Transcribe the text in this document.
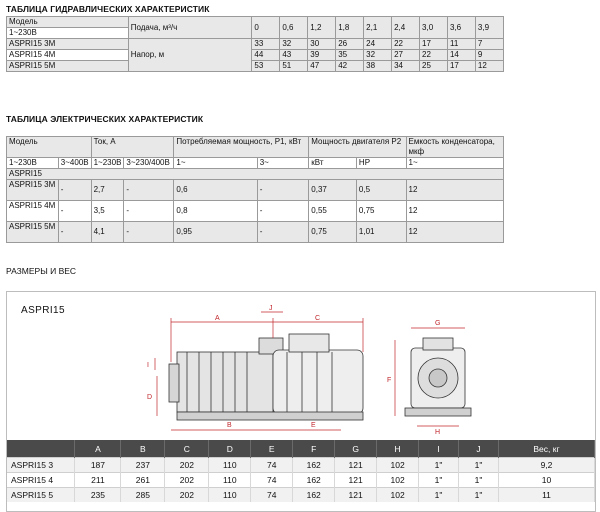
ТАБЛИЦА ГИДРАВЛИЧЕСКИХ ХАРАКТЕРИСТИК
Модель	Подача, м³/ч	0	0,6	1,2	1,8	2,1	2,4	3,0	3,6	3,9
1~230В										
ASPRI15 3M	Напор, м	33	32	30	26	24	22	17	11	7
ASPRI15 4M		44	43	39	35	32	27	22	14	9
ASPRI15 5M		53	51	47	42	38	34	25	17	12
ТАБЛИЦА ЭЛЕКТРИЧЕСКИХ ХАРАКТЕРИСТИК
Модель		Ток, А		Потребляемая мощность, P1, кВт		Мощность двигателя P2		Емкость конденсатора, мкф
1~230В	3~400В	1~230В	3~230/400В	1~	3~	кВт	HP	1~
ASPRI15								
ASPRI15 3M	-	2,7	-	0,6	-	0,37	0,5	12
ASPRI15 4M	-	3,5	-	0,8	-	0,55	0,75	12
ASPRI15 5M	-	4,1	-	0,95	-	0,75	1,01	12
РАЗМЕРЫ И ВЕС
ASPRI15
A
J
C
I
D
B	E
F
G
H
	A	B	C	D	E	F	G	H	I	J	Вес, кг
ASPRI15 3	187	237	202	110	74	162	121	102	1"	1"	9,2
ASPRI15 4	211	261	202	110	74	162	121	102	1"	1"	10
ASPRI15 5	235	285	202	110	74	162	121	102	1"	1"	11
